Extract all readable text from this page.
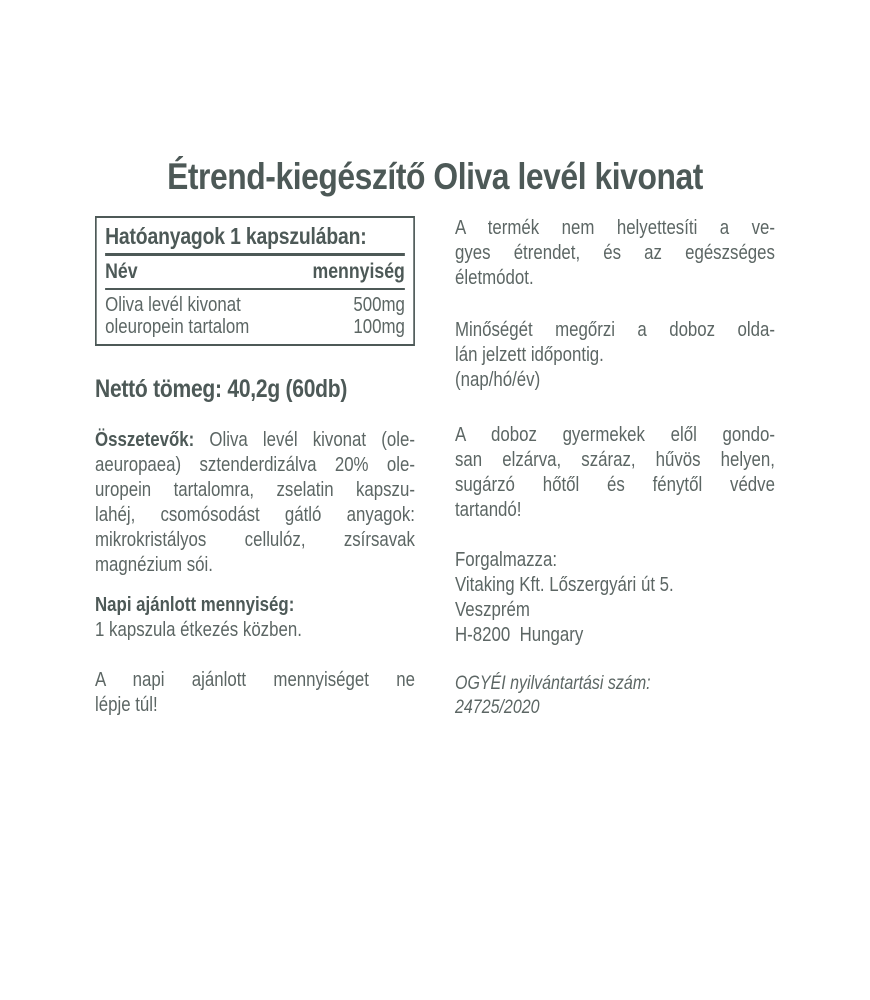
Étrend-kiegészítő Oliva levél kivonat
Hatóanyagok 1 kapszulában:
Név	mennyiség
Oliva levél kivonat	500mg
oleuropein tartalom	100mg
Nettó tömeg: 40,2g (60db)
Összetevők: Oliva levél kivonat (ole-
aeuropaea) sztenderdizálva 20% ole-
uropein tartalomra, zselatin kapszu-
lahéj, csomósodást gátló anyagok:
mikrokristályos cellulóz, zsírsavak
magnézium sói.
Napi ajánlott mennyiség:
1 kapszula étkezés közben.
A napi ajánlott mennyiséget ne
lépje túl!
A termék nem helyettesíti a ve-
gyes étrendet, és az egészséges
életmódot.
Minőségét megőrzi a doboz olda-
lán jelzett időpontig.
(nap/hó/év)
A doboz gyermekek elől gondo-
san elzárva, száraz, hűvös helyen,
sugárzó hőtől és fénytől védve
tartandó!
Forgalmazza:
Vitaking Kft. Lőszergyári út 5.
Veszprém
H-8200  Hungary
OGYÉI nyilvántartási szám:
24725/2020
